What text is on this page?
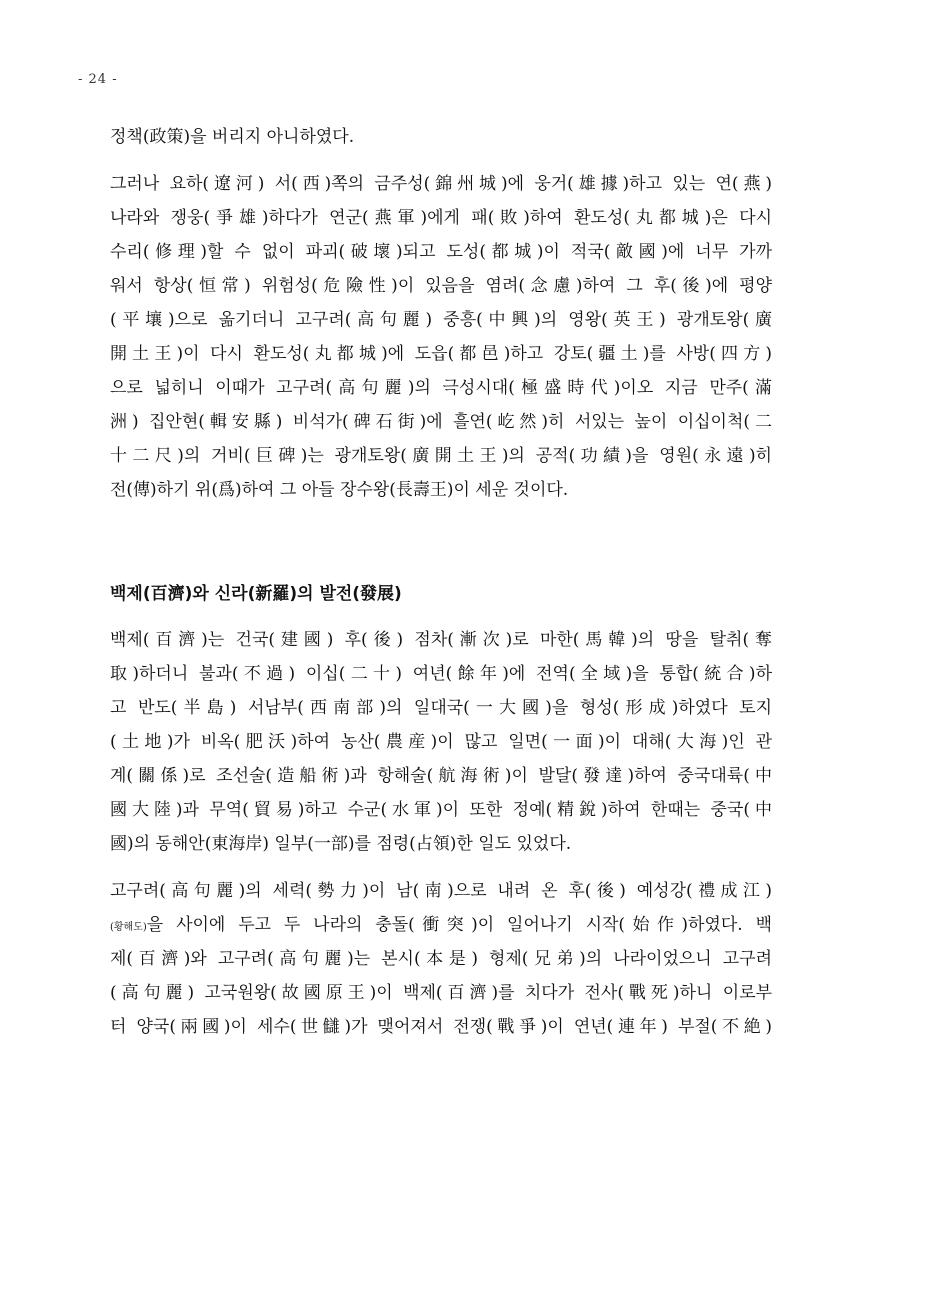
- 24 -
정책(政策)을 버리지 아니하였다.
그러나 요하(遼河) 서(西)쪽의 금주성(錦州城)에 웅거(雄據)하고 있는 연(燕)
나라와 쟁웅(爭雄)하다가 연군(燕軍)에게 패(敗)하여 환도성(丸都城)은 다시
수리(修理)할 수 없이 파괴(破壞)되고 도성(都城)이 적국(敵國)에 너무 가까
워서 항상(恒常) 위험성(危險性)이 있음을 염려(念慮)하여 그 후(後)에 평양
(平壤)으로 옮기더니 고구려(高句麗) 중흥(中興)의 영왕(英王) 광개토왕(廣
開土王)이 다시 환도성(丸都城)에 도읍(都邑)하고 강토(疆土)를 사방(四方)
으로 넓히니 이때가 고구려(高句麗)의 극성시대(極盛時代)이오 지금 만주(滿
洲) 집안현(輯安縣) 비석가(碑石街)에 흘연(屹然)히 서있는 높이 이십이척(二
十二尺)의 거비(巨碑)는 광개토왕(廣開土王)의 공적(功績)을 영원(永遠)히
전(傳)하기 위(爲)하여 그 아들 장수왕(長壽王)이 세운 것이다.
백제(百濟)와 신라(新羅)의 발전(發展)
백제(百濟)는 건국(建國) 후(後) 점차(漸次)로 마한(馬韓)의 땅을 탈취(奪
取)하더니 불과(不過) 이십(二十) 여년(餘年)에 전역(全域)을 통합(統合)하
고 반도(半島) 서남부(西南部)의 일대국(一大國)을 형성(形成)하였다 토지
(土地)가 비옥(肥沃)하여 농산(農産)이 많고 일면(一面)이 대해(大海)인 관
계(關係)로 조선술(造船術)과 항해술(航海術)이 발달(發達)하여 중국대륙(中
國大陸)과 무역(貿易)하고 수군(水軍)이 또한 정예(精銳)하여 한때는 중국(中
國)의 동해안(東海岸) 일부(一部)를 점령(占領)한 일도 있었다.
고구려(高句麗)의 세력(勢力)이 남(南)으로 내려 온 후(後) 예성강(禮成江)
(황해도)을 사이에 두고 두 나라의 충돌(衝突)이 일어나기 시작(始作)하였다. 백
제(百濟)와 고구려(高句麗)는 본시(本是) 형제(兄弟)의 나라이었으니 고구려
(高句麗) 고국원왕(故國原王)이 백제(百濟)를 치다가 전사(戰死)하니 이로부
터 양국(兩國)이 세수(世讎)가 맺어져서 전쟁(戰爭)이 연년(連年) 부절(不絶)
